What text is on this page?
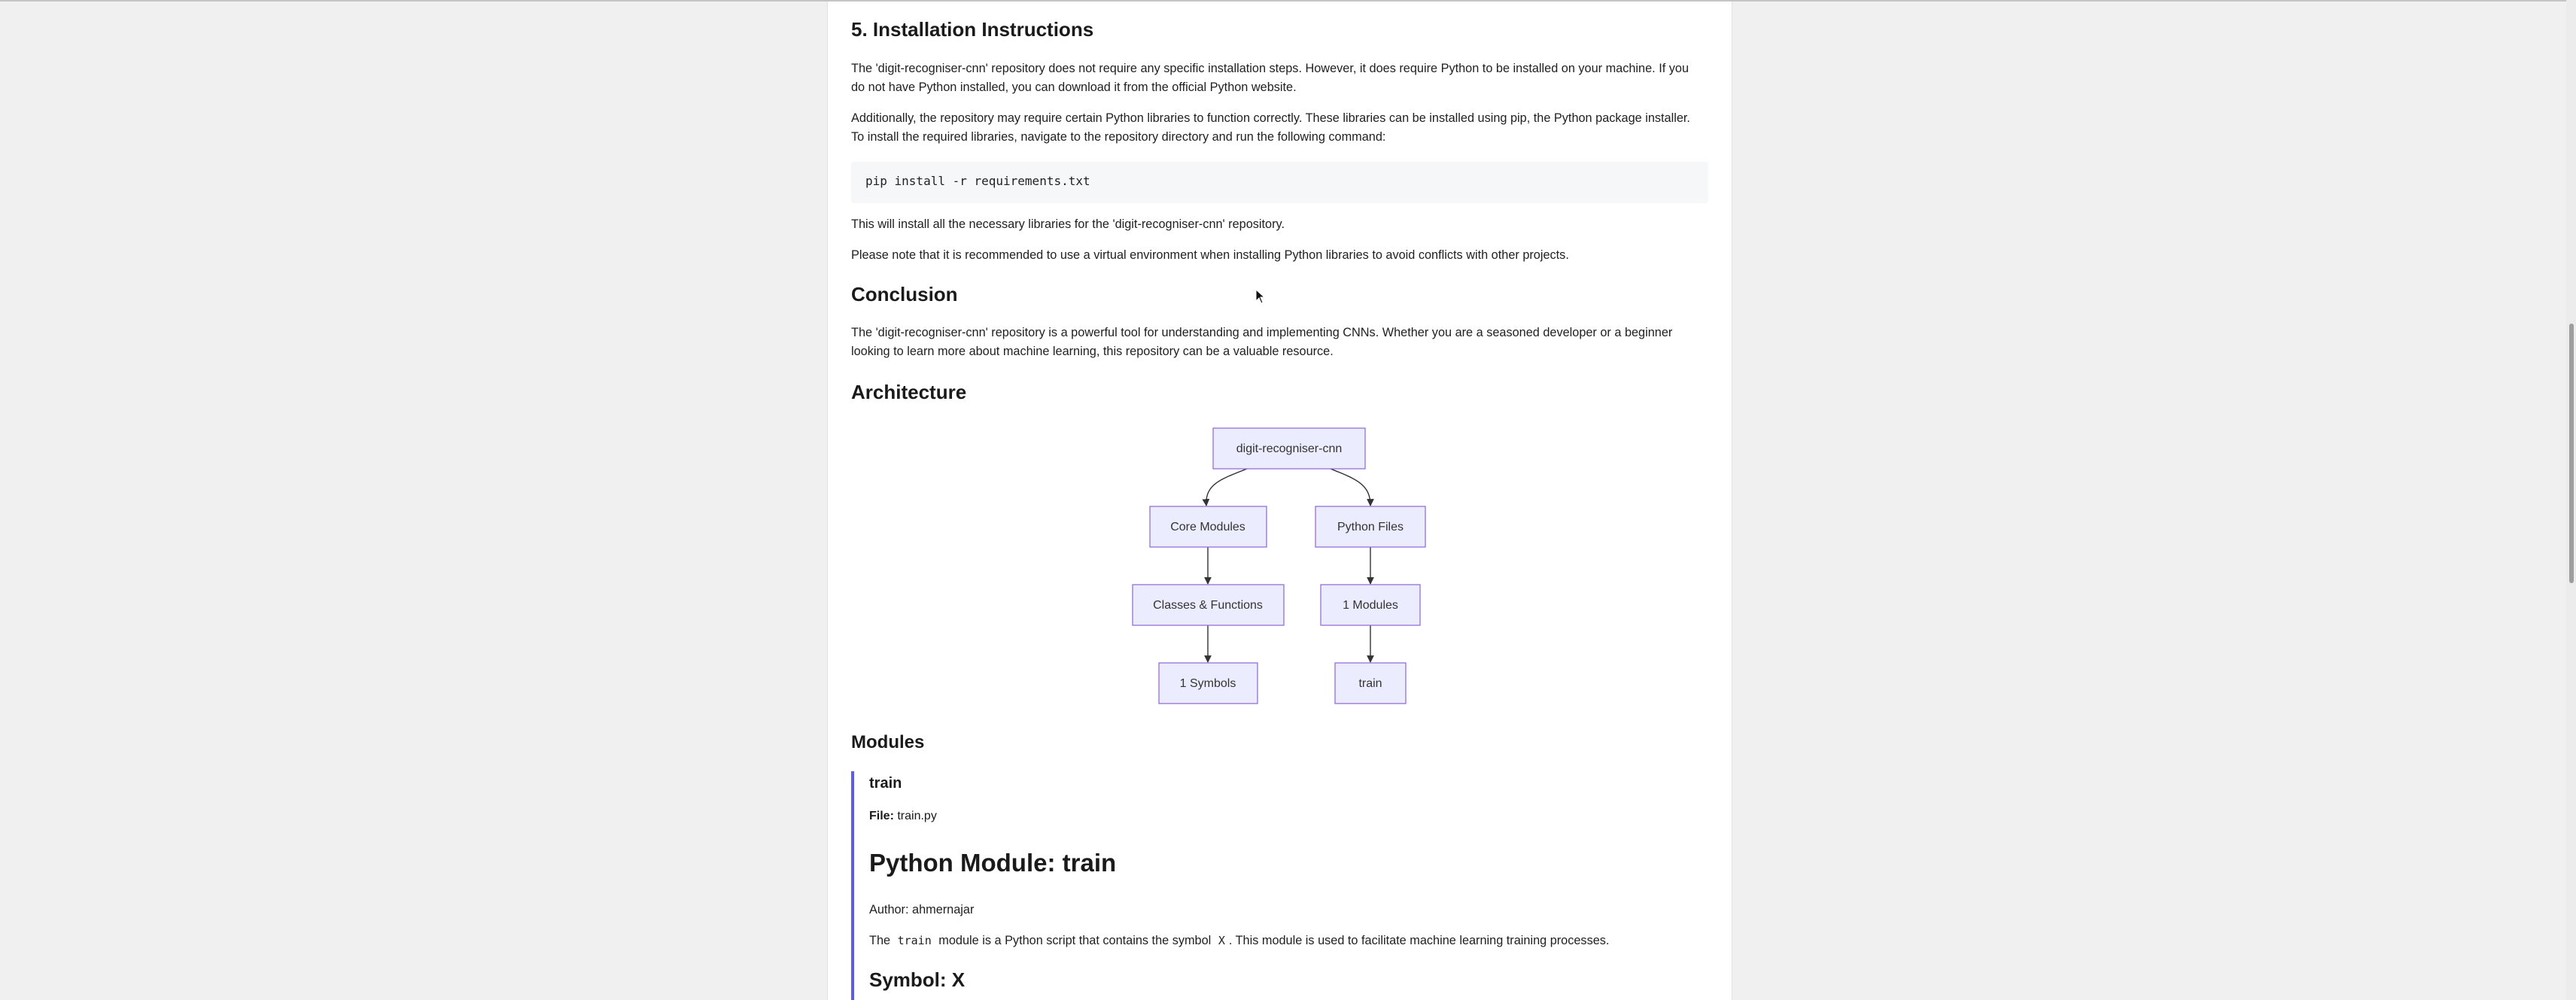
5. Installation Instructions

The 'digit-recogniser-cnn' repository does not require any specific installation steps. However, it does require Python to be installed on your machine. If you do not have Python installed, you can download it from the official Python website.

Additionally, the repository may require certain Python libraries to function correctly. These libraries can be installed using pip, the Python package installer. To install the required libraries, navigate to the repository directory and run the following command:

pip install -r requirements.txt

This will install all the necessary libraries for the 'digit-recogniser-cnn' repository.

Please note that it is recommended to use a virtual environment when installing Python libraries to avoid conflicts with other projects.

Conclusion

The 'digit-recogniser-cnn' repository is a powerful tool for understanding and implementing CNNs. Whether you are a seasoned developer or a beginner looking to learn more about machine learning, this repository can be a valuable resource.

Architecture
digit-recogniser-cnn
Core Modules	Python Files
Classes & Functions	1 Modules
1 Symbols	train
Modules
train
File: train.py
Python Module: train

Author: ahmernajar

The train module is a Python script that contains the symbol X . This module is used to facilitate machine learning training processes.

Symbol: X
